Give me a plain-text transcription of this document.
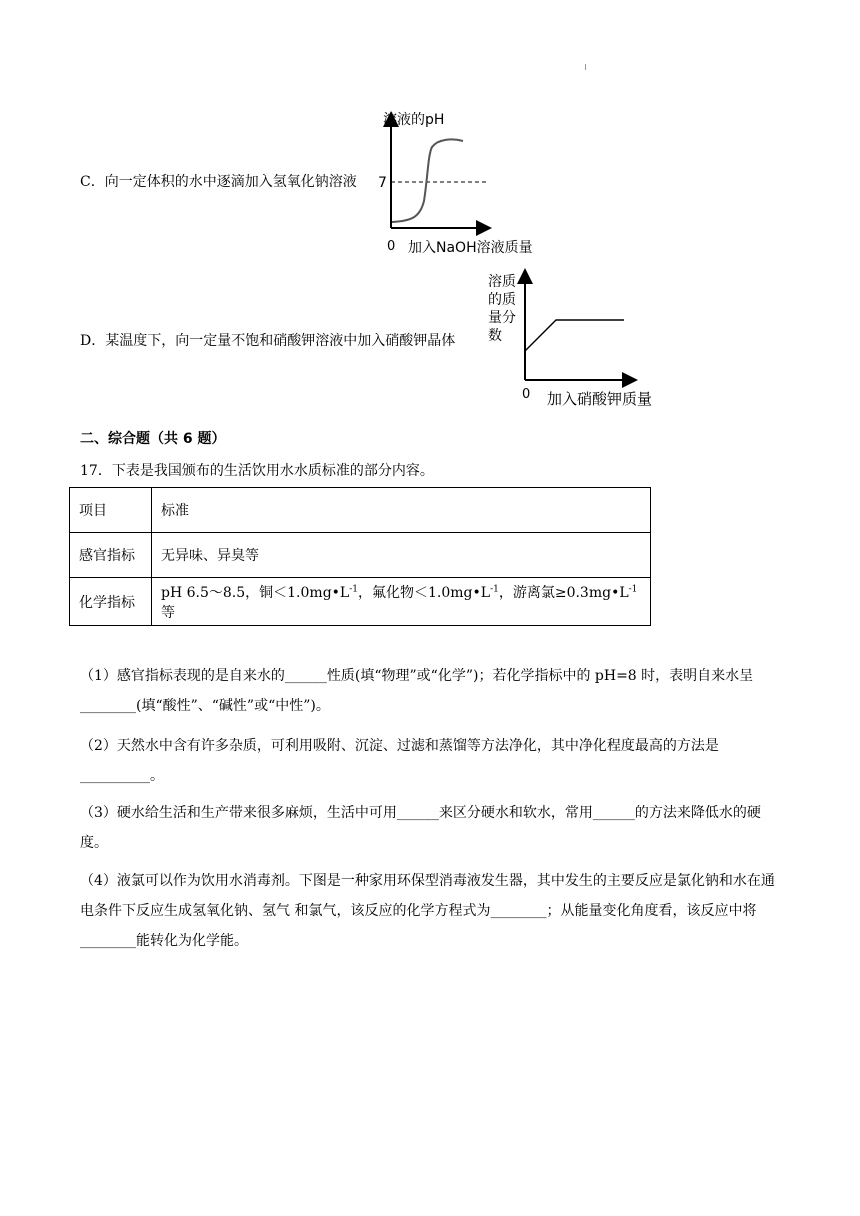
C．向一定体积的水中逐滴加入氢氧化钠溶液
溶液的pH
7
0 加入NaOH溶液质量
D．某温度下，向一定量不饱和硝酸钾溶液中加入硝酸钾晶体
溶质
的质
量分
数
0 加入硝酸钾质量
二、综合题（共 6 题）
17．下表是我国颁布的生活饮用水水质标准的部分内容。
项目	标准
感官指标	无异味、异臭等
化学指标	pH 6.5～8.5，铜$<1.0mg•L^{-1}$，氟化物$<1.0mg•L^{-1}$，游离氯$\ge 0.3mg•L^{-1}$等
（1）感官指标表现的是自来水的______性质(填“物理”或“化学”)；若化学指标中的 pH=8 时，表明自来水呈________(填“酸性”、“碱性”或“中性”)。
（2）天然水中含有许多杂质，可利用吸附、沉淀、过滤和蒸馏等方法净化，其中净化程度最高的方法是__________。
（3）硬水给生活和生产带来很多麻烦，生活中可用______来区分硬水和软水，常用______的方法来降低水的硬度。
（4）液氯可以作为饮用水消毒剂。下图是一种家用环保型消毒液发生器，其中发生的主要反应是氯化钠和水在通电条件下反应生成氢氧化钠、氢气 和氯气，该反应的化学方程式为________；从能量变化角度看，该反应中将________能转化为化学能。
